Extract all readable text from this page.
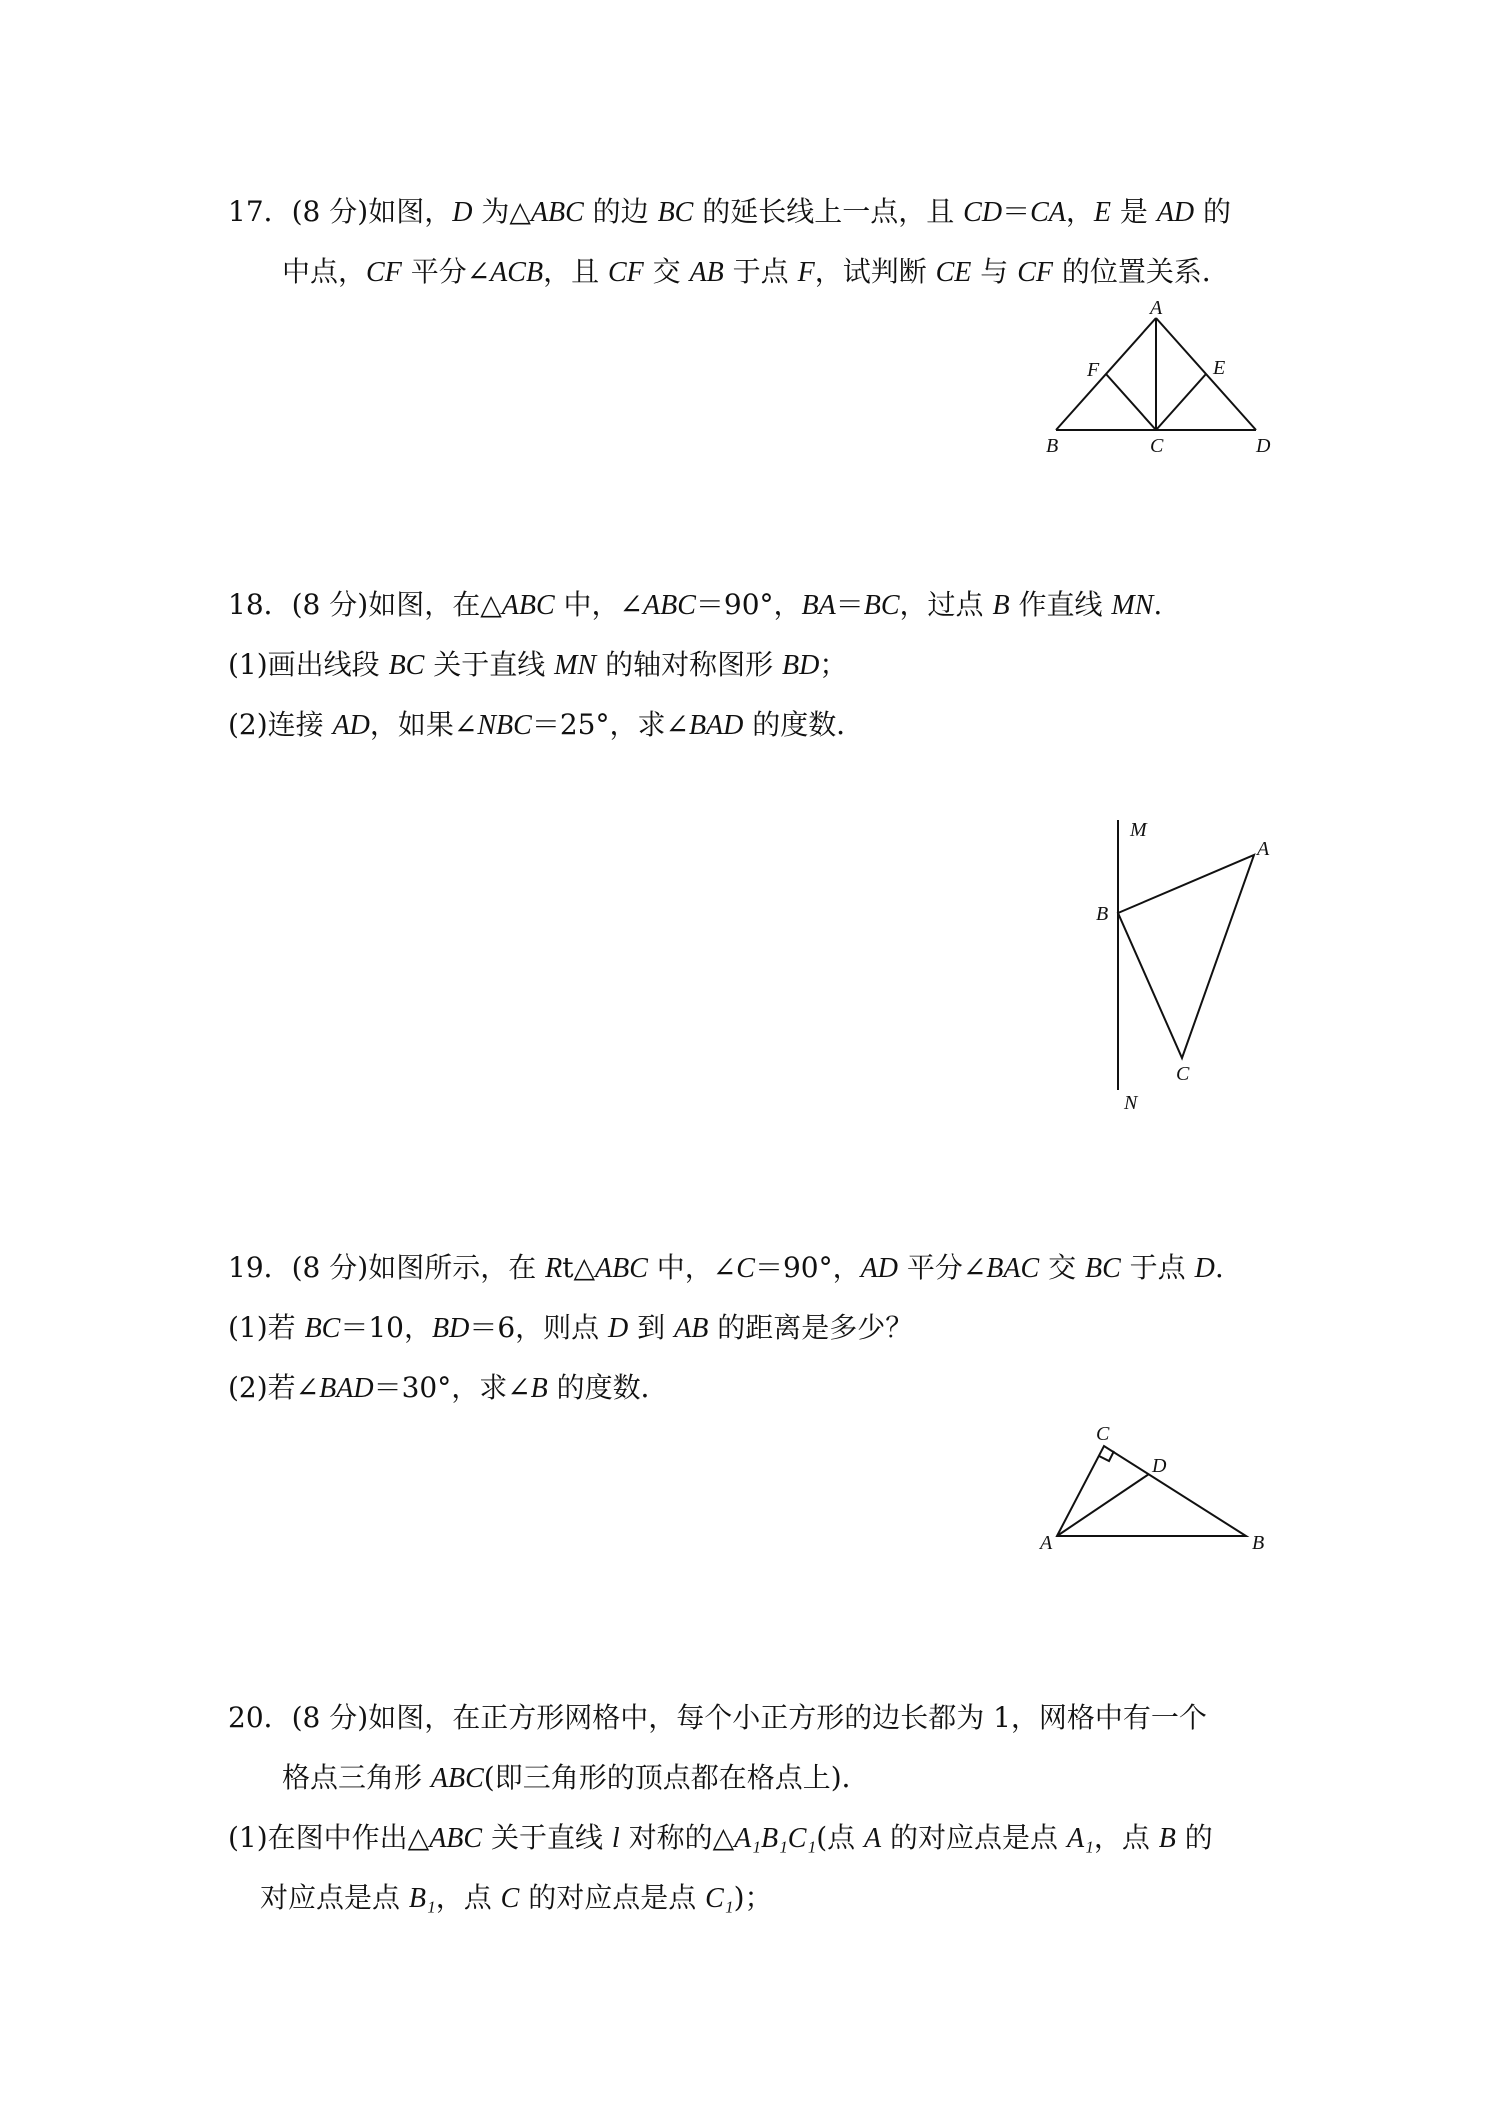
17．(8 分)如图，D 为△ABC 的边 BC 的延长线上一点，且 CD＝CA，E 是 AD 的
中点，CF 平分∠ACB，且 CF 交 AB 于点 F，试判断 CE 与 CF 的位置关系．
A
B	C	D
E
F
18．(8 分)如图，在△ABC 中，∠ABC＝90°，BA＝BC，过点 B 作直线 MN.
(1)画出线段 BC 关于直线 MN 的轴对称图形 BD；
(2)连接 AD，如果∠NBC＝25°，求∠BAD 的度数．
M
N
A
B
C
19．(8 分)如图所示，在 Rt△ABC 中，∠C＝90°，AD 平分∠BAC 交 BC 于点 D.
(1)若 BC＝10，BD＝6，则点 D 到 AB 的距离是多少？
(2)若∠BAD＝30°，求∠B 的度数．
A	B
C
D
20．(8 分)如图，在正方形网格中，每个小正方形的边长都为 1，网格中有一个
格点三角形 ABC(即三角形的顶点都在格点上)．
(1)在图中作出△ABC 关于直线 l 对称的△A₁B₁C₁(点 A 的对应点是点 A₁，点 B 的
对应点是点 B₁，点 C 的对应点是点 C₁)；
